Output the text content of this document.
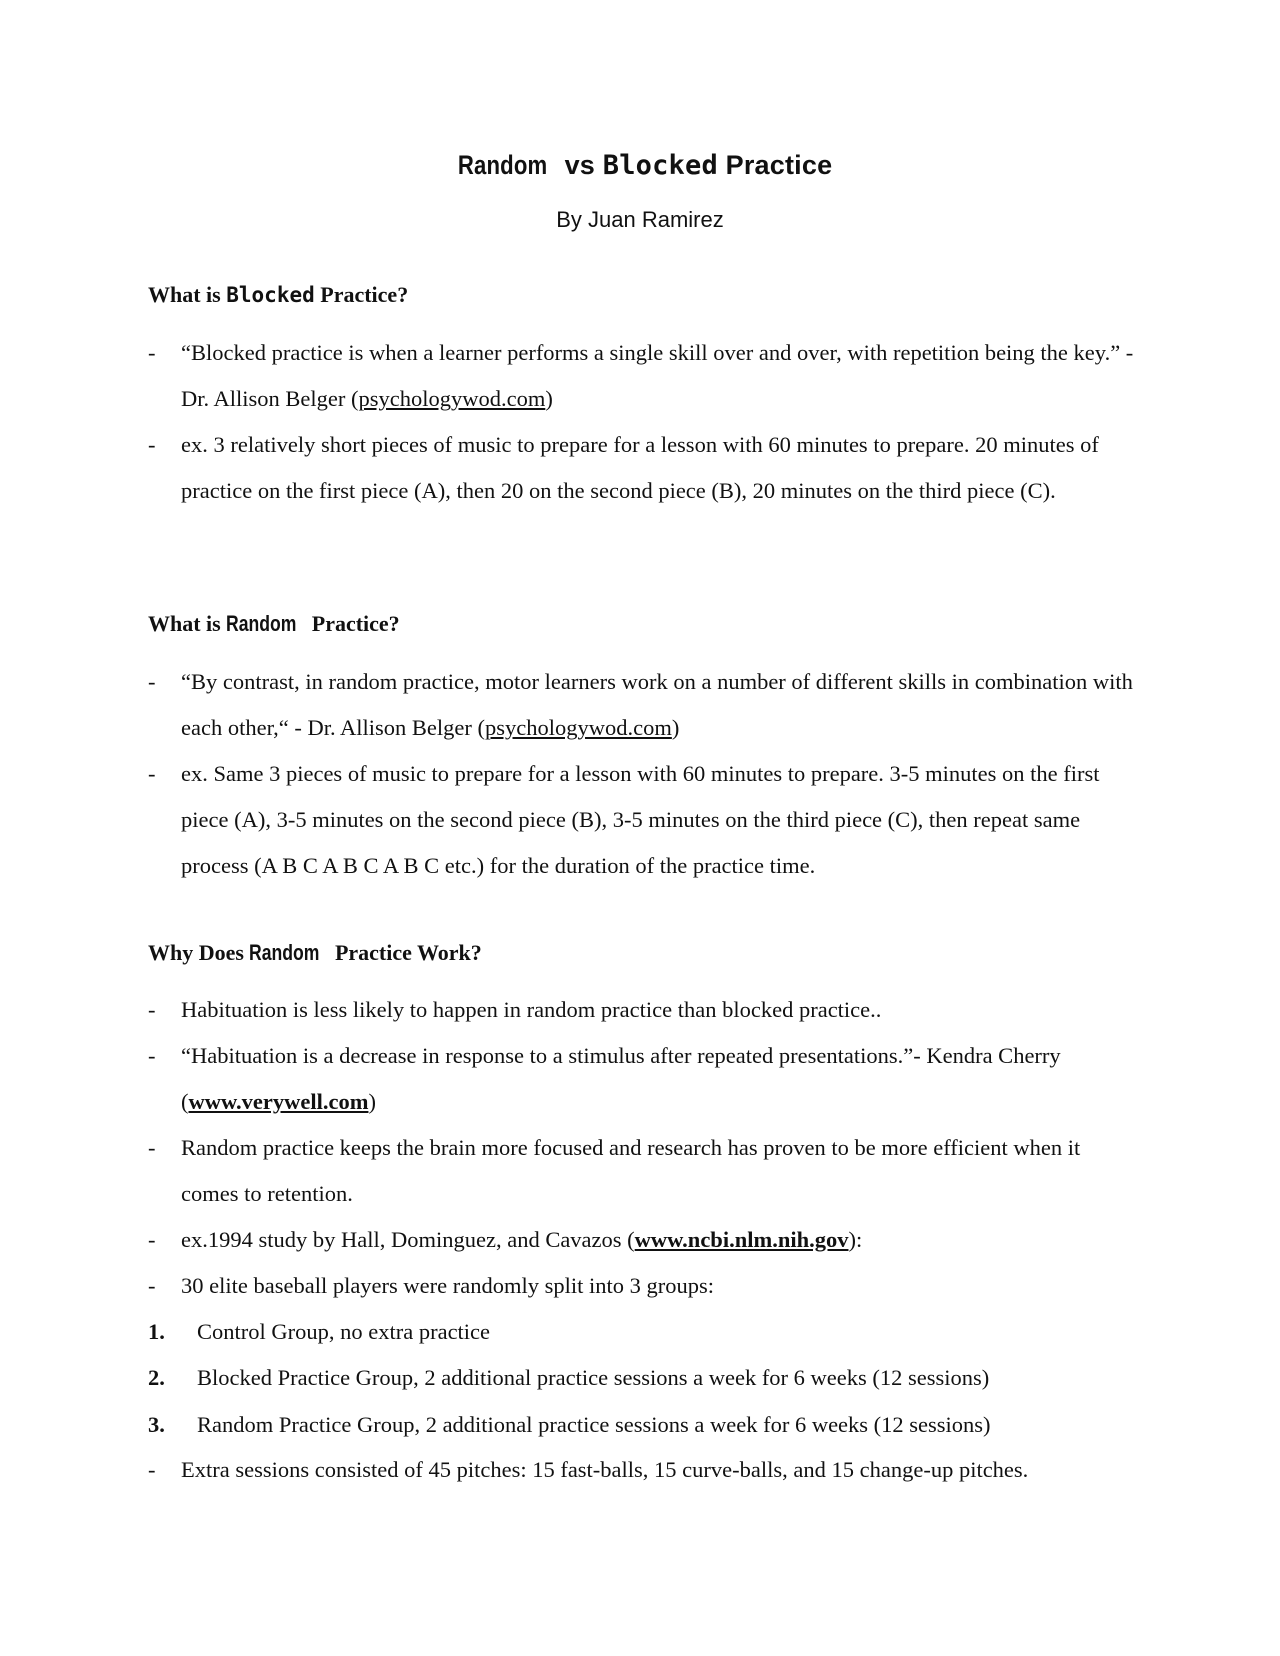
Random vs Blocked Practice
By Juan Ramirez
What is Blocked Practice?
-	“Blocked practice is when a learner performs a single skill over and over, with repetition being the key.” - Dr. Allison Belger (psychologywod.com)
-	ex. 3 relatively short pieces of music to prepare for a lesson with 60 minutes to prepare. 20 minutes of practice on the first piece (A), then 20 on the second piece (B), 20 minutes on the third piece (C).
What is Random Practice?
-	“By contrast, in random practice, motor learners work on a number of different skills in combination with each other,“ - Dr. Allison Belger (psychologywod.com)
-	ex. Same 3 pieces of music to prepare for a lesson with 60 minutes to prepare. 3-5 minutes on the first piece (A), 3-5 minutes on the second piece (B), 3-5 minutes on the third piece (C), then repeat same process (A B C A B C A B C etc.) for the duration of the practice time.
Why Does Random Practice Work?
-	Habituation is less likely to happen in random practice than blocked practice..
-	“Habituation is a decrease in response to a stimulus after repeated presentations.”- Kendra Cherry (www.verywell.com)
-	Random practice keeps the brain more focused and research has proven to be more efficient when it comes to retention.
-	ex.1994 study by Hall, Dominguez, and Cavazos (www.ncbi.nlm.nih.gov):
-	30 elite baseball players were randomly split into 3 groups:
1.	Control Group, no extra practice
2.	Blocked Practice Group, 2 additional practice sessions a week for 6 weeks (12 sessions)
3.	Random Practice Group, 2 additional practice sessions a week for 6 weeks (12 sessions)
-	Extra sessions consisted of 45 pitches: 15 fast-balls, 15 curve-balls, and 15 change-up pitches.
